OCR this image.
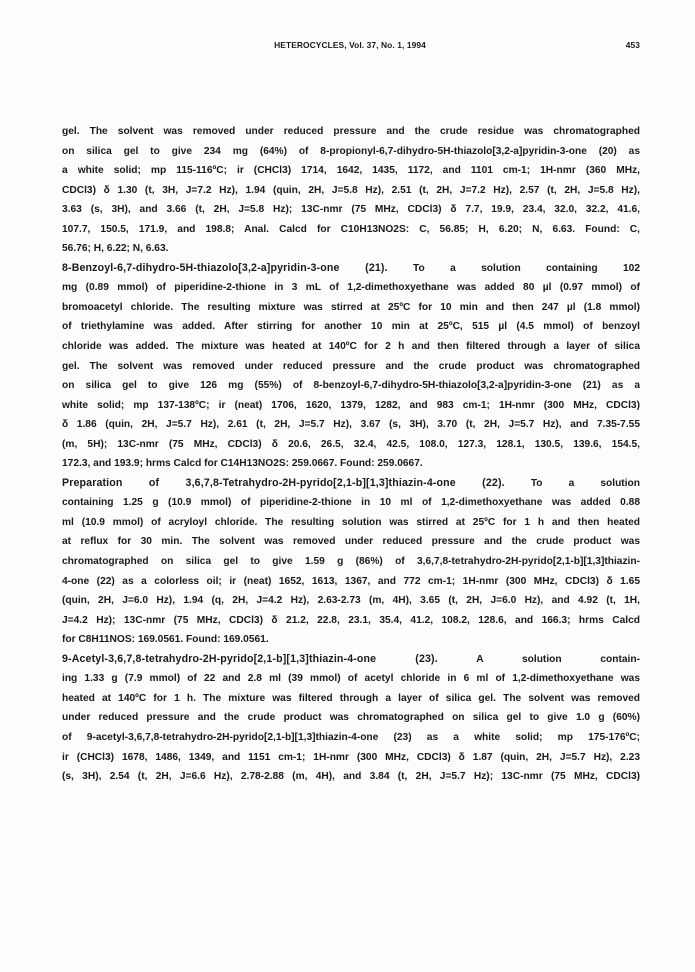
HETEROCYCLES, Vol. 37, No. 1, 1994	453
gel. The solvent was removed under reduced pressure and the crude residue was chromatographed
on silica gel to give 234 mg (64%) of 8-propionyl-6,7-dihydro-5H-thiazolo[3,2-a]pyridin-3-one (20) as
a white solid; mp 115-116ºC; ir (CHCl3) 1714, 1642, 1435, 1172, and 1101 cm-1; 1H-nmr (360 MHz,
CDCl3) δ 1.30 (t, 3H, J=7.2 Hz), 1.94 (quin, 2H, J=5.8 Hz), 2.51 (t, 2H, J=7.2 Hz), 2.57 (t, 2H, J=5.8 Hz),
3.63 (s, 3H), and 3.66 (t, 2H, J=5.8 Hz); 13C-nmr (75 MHz, CDCl3) δ 7.7, 19.9, 23.4, 32.0, 32.2, 41.6,
107.7, 150.5, 171.9, and 198.8; Anal. Calcd for C10H13NO2S: C, 56.85; H, 6.20; N, 6.63. Found: C,
56.76; H, 6.22; N, 6.63.
8-Benzoyl-6,7-dihydro-5H-thiazolo[3,2-a]pyridin-3-one (21). To a solution containing 102
mg (0.89 mmol) of piperidine-2-thione in 3 mL of 1,2-dimethoxyethane was added 80 µl (0.97 mmol) of
bromoacetyl chloride. The resulting mixture was stirred at 25ºC for 10 min and then 247 µl (1.8 mmol)
of triethylamine was added. After stirring for another 10 min at 25ºC, 515 µl (4.5 mmol) of benzoyl
chloride was added. The mixture was heated at 140ºC for 2 h and then filtered through a layer of silica
gel. The solvent was removed under reduced pressure and the crude product was chromatographed
on silica gel to give 126 mg (55%) of 8-benzoyl-6,7-dihydro-5H-thiazolo[3,2-a]pyridin-3-one (21) as a
white solid; mp 137-138ºC; ir (neat) 1706, 1620, 1379, 1282, and 983 cm-1; 1H-nmr (300 MHz, CDCl3)
δ 1.86 (quin, 2H, J=5.7 Hz), 2.61 (t, 2H, J=5.7 Hz), 3.67 (s, 3H), 3.70 (t, 2H, J=5.7 Hz), and 7.35-7.55
(m, 5H); 13C-nmr (75 MHz, CDCl3) δ 20.6, 26.5, 32.4, 42.5, 108.0, 127.3, 128.1, 130.5, 139.6, 154.5,
172.3, and 193.9; hrms Calcd for C14H13NO2S: 259.0667. Found: 259.0667.
Preparation of 3,6,7,8-Tetrahydro-2H-pyrido[2,1-b][1,3]thiazin-4-one (22). To a solution
containing 1.25 g (10.9 mmol) of piperidine-2-thione in 10 ml of 1,2-dimethoxyethane was added 0.88
ml (10.9 mmol) of acryloyl chloride. The resulting solution was stirred at 25ºC for 1 h and then heated
at reflux for 30 min. The solvent was removed under reduced pressure and the crude product was
chromatographed on silica gel to give 1.59 g (86%) of 3,6,7,8-tetrahydro-2H-pyrido[2,1-b][1,3]thiazin-
4-one (22) as a colorless oil; ir (neat) 1652, 1613, 1367, and 772 cm-1; 1H-nmr (300 MHz, CDCl3) δ 1.65
(quin, 2H, J=6.0 Hz), 1.94 (q, 2H, J=4.2 Hz), 2.63-2.73 (m, 4H), 3.65 (t, 2H, J=6.0 Hz), and 4.92 (t, 1H,
J=4.2 Hz); 13C-nmr (75 MHz, CDCl3) δ 21.2, 22.8, 23.1, 35.4, 41.2, 108.2, 128.6, and 166.3; hrms Calcd
for C8H11NOS: 169.0561. Found: 169.0561.
9-Acetyl-3,6,7,8-tetrahydro-2H-pyrido[2,1-b][1,3]thiazin-4-one (23). A solution contain-
ing 1.33 g (7.9 mmol) of 22 and 2.8 ml (39 mmol) of acetyl chloride in 6 ml of 1,2-dimethoxyethane was
heated at 140ºC for 1 h. The mixture was filtered through a layer of silica gel. The solvent was removed
under reduced pressure and the crude product was chromatographed on silica gel to give 1.0 g (60%)
of 9-acetyl-3,6,7,8-tetrahydro-2H-pyrido[2,1-b][1,3]thiazin-4-one (23) as a white solid; mp 175-176ºC;
ir (CHCl3) 1678, 1486, 1349, and 1151 cm-1; 1H-nmr (300 MHz, CDCl3) δ 1.87 (quin, 2H, J=5.7 Hz), 2.23
(s, 3H), 2.54 (t, 2H, J=6.6 Hz), 2.78-2.88 (m, 4H), and 3.84 (t, 2H, J=5.7 Hz); 13C-nmr (75 MHz, CDCl3)
